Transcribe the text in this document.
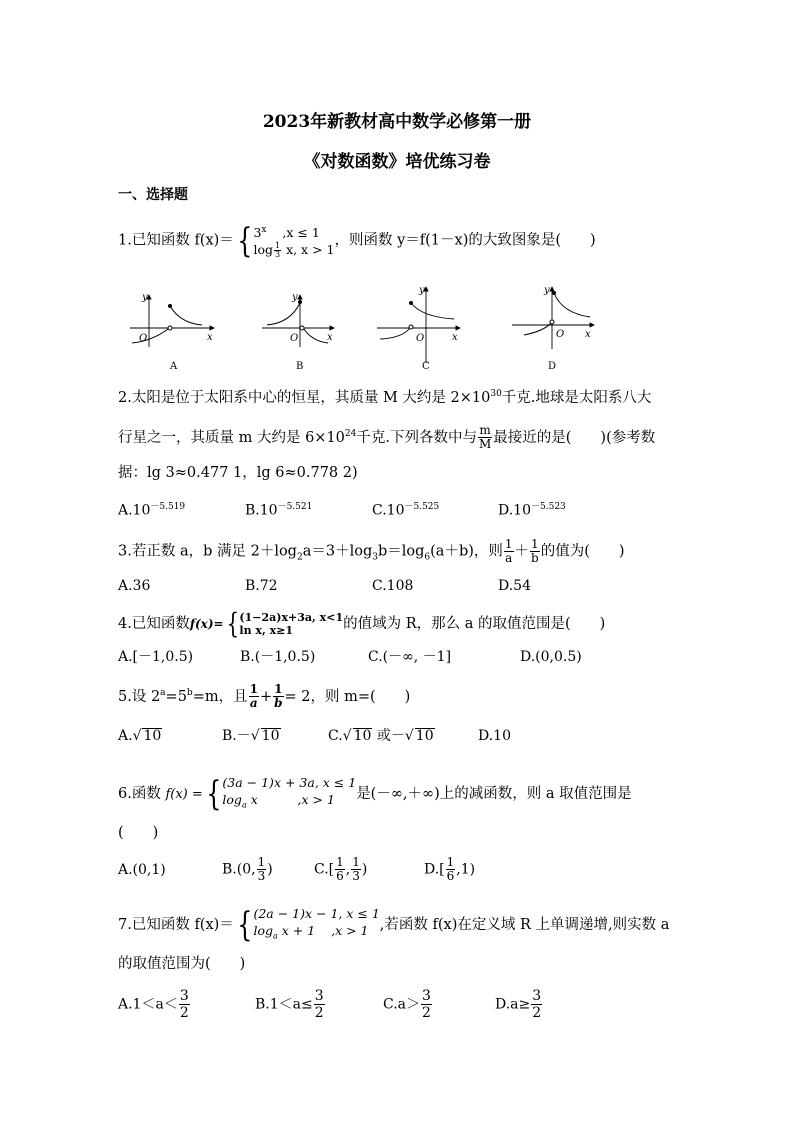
2023年新教材高中数学必修第一册
《对数函数》培优练习卷
一、选择题
1.已知函数 f(x)＝{ 3$^x$ ,x ≤ 1
$\log \frac{1}{3} x$, x > 1
，则函数 y＝f(1－x)的大致图象是(　　)
y
x
O
A
y
x
O
B
y
x
O
C
y
x
O
D
2.太阳是位于太阳系中心的恒星，其质量 M 大约是 $2\times 10^{30}$千克.地球是太阳系八大
行星之一，其质量 m 大约是 $6\times 10^{24}$千克.下列各数中与 $\frac{m}{M}$ 最接近的是(　　)(参考数
据：lg 3≈0.477 1，lg 6≈0.778 2)
$A.10^{-5.519}$	$B.10^{-5.521}$	$C.10^{-5.525}$	$D.10^{-5.523}$
3.若正数 a，b 满足 $2+\log_2a=3+\log_3b=\log_6(a+b)$，则 $\frac{1}{a} + \frac{1}{b}$ 的值为(　　)
A.36	B.72	C.108	D.54
4.已知函数f(x)={ (1−2a)x+3a, x<1
ln x, x≥1	的值域为 R，那么 a 的取值范围是(　　)
A.[－1,0.5)	B.(－1,0.5)	C.(－∞, －1]	D.(0,0.5)
5.设 $2^a=5^b=m$，且 $\frac{1}{a} + \frac{1}{b} = 2$，则 m=(　　)
A.√ 10	B.－√ 10	C.√ 10 或－√ 10	D.10
6.函数 f(x) ={ (3a − 1)x + 3a, x ≤ 1
$\log_a x$          ,x > 1	是(－∞,＋∞)上的减函数，则 a 取值范围是
(　　)
A.(0,1)	B.(0, $\frac{1}{3}$ )	$C.[ \frac{1}{6}$ , $\frac{1}{3}$ )	$D.[ \frac{1}{6} ,1)$
7.已知函数 f(x)＝{ (2a − 1)x − 1, x ≤ 1
$\log_a x + 1$    ,x > 1 ,若函数 f(x)在定义域 R 上单调递增,则实数 a
的取值范围为(　　)
$A.1<a< \frac{3}{2}$	$B.1<a\le \frac{3}{2}$	$C.a> \frac{3}{2}$	$D.a\ge \frac{3}{2}$
